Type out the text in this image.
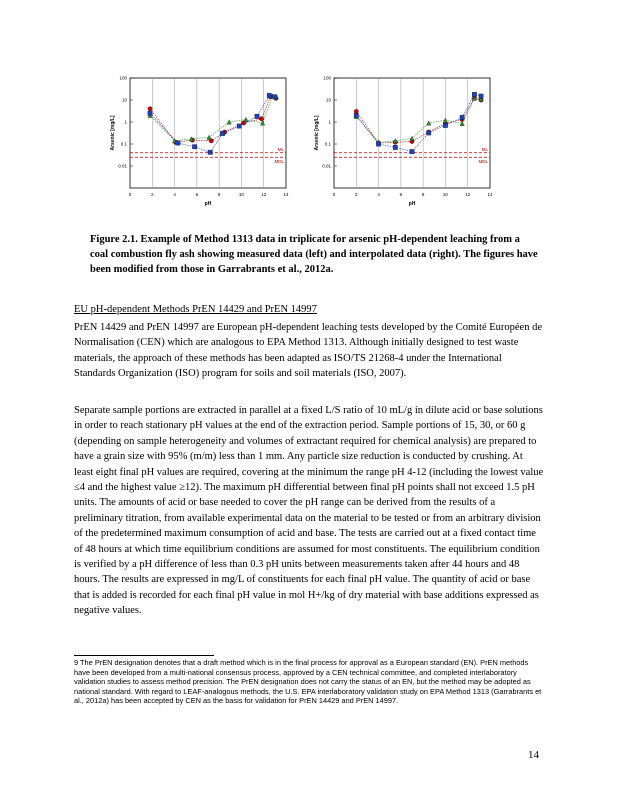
0	2	4	6	8	10	12	14
0.01
0.1
1
10
100
ML
MDL
pH
Arsenic [mg/L]
0	2	4	6	8	10	12	14
0.01
0.1
1
10
100
ML
MDL
pH
Arsenic [mg/L]
Figure 2.1. Example of Method 1313 data in triplicate for arsenic pH-dependent leaching from a coal combustion fly ash showing measured data (left) and interpolated data (right). The figures have been modified from those in Garrabrants et al., 2012a.
EU pH-dependent Methods PrEN 14429 and PrEN 14997
PrEN 14429 and PrEN 14997 are European pH-dependent leaching tests developed by the Comité Européen de Normalisation (CEN) which are analogous to EPA Method 1313. Although initially designed to test waste materials, the approach of these methods has been adapted as ISO/TS 21268-4 under the International Standards Organization (ISO) program for soils and soil materials (ISO, 2007).
Separate sample portions are extracted in parallel at a fixed L/S ratio of 10 mL/g in dilute acid or base solutions in order to reach stationary pH values at the end of the extraction period. Sample portions of 15, 30, or 60 g (depending on sample heterogeneity and volumes of extractant required for chemical analysis) are prepared to have a grain size with 95% (m/m) less than 1 mm. Any particle size reduction is conducted by crushing. At least eight final pH values are required, covering at the minimum the range pH 4-12 (including the lowest value ≤4 and the highest value ≥12). The maximum pH differential between final pH points shall not exceed 1.5 pH units. The amounts of acid or base needed to cover the pH range can be derived from the results of a preliminary titration, from available experimental data on the material to be tested or from an arbitrary division of the predetermined maximum consumption of acid and base. The tests are carried out at a fixed contact time of 48 hours at which time equilibrium conditions are assumed for most constituents. The equilibrium condition is verified by a pH difference of less than 0.3 pH units between measurements taken after 44 hours and 48 hours. The results are expressed in mg/L of constituents for each final pH value. The quantity of acid or base that is added is recorded for each final pH value in mol H+/kg of dry material with base additions expressed as negative values.
9 The PrEN designation denotes that a draft method which is in the final process for approval as a European standard (EN). PrEN methods have been developed from a multi-national consensus process, approved by a CEN technical committee, and completed interlaboratory validation studies to assess method precision. The PrEN designation does not carry the status of an EN, but the method may be adopted as national standard. With regard to LEAF-analogous methods, the U.S. EPA interlaboratory validation study on EPA Method 1313 (Garrabrants et al., 2012a) has been accepted by CEN as the basis for validation for PrEN 14429 and PrEN 14997.
14
